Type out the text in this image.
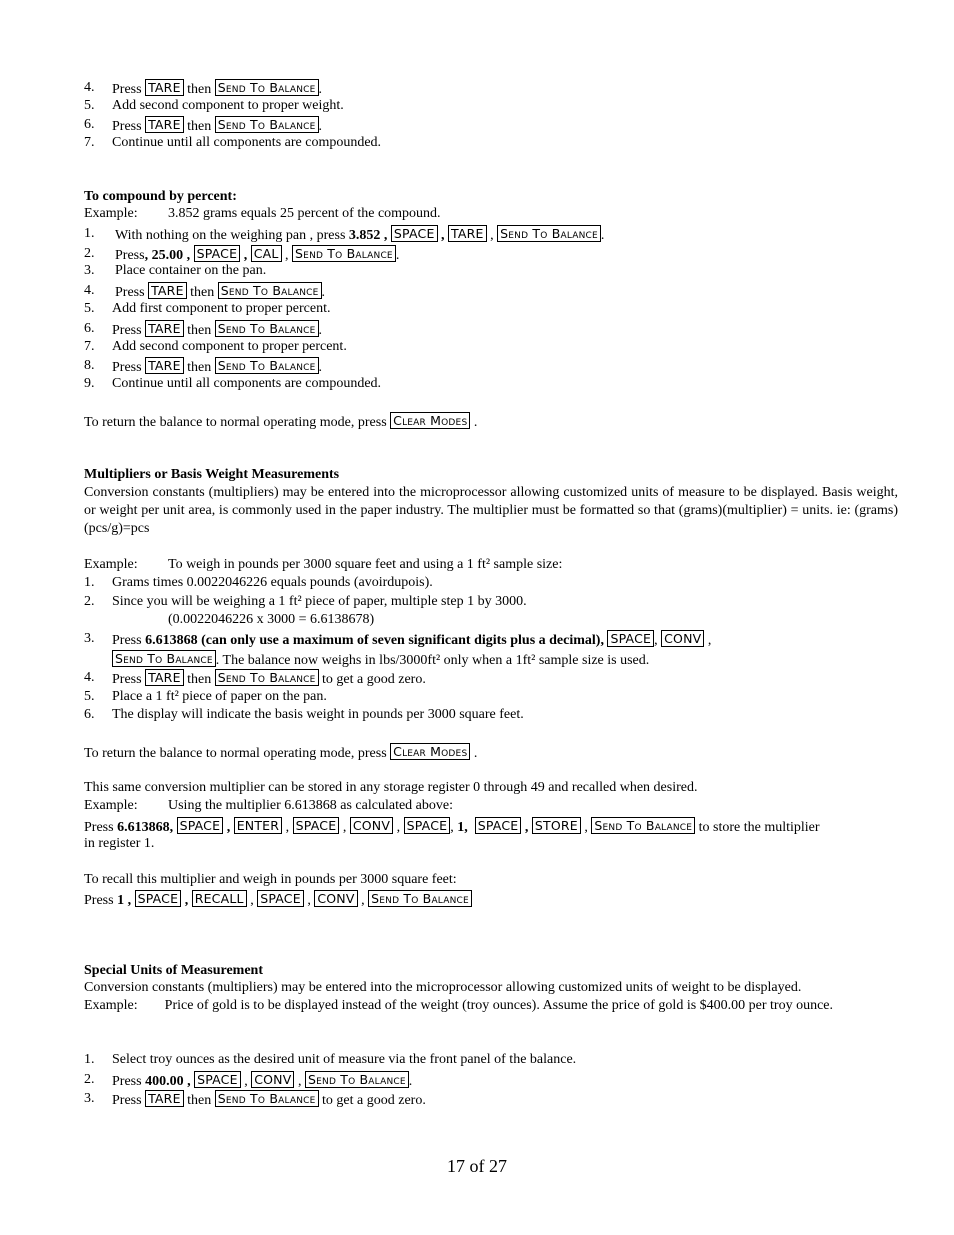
4. Press TARE then Send To Balance .
5. Add second component to proper weight.
6. Press TARE then Send To Balance .
7. Continue until all components are compounded.
To compound by percent:
Example: 3.852 grams equals 25 percent of the compound.
1. With nothing on the weighing pan , press 3.852 , SPACE , TARE , Send To Balance .
2. Press, 25.00 , SPACE , CAL , Send To Balance .
3. Place container on the pan.
4. Press TARE then Send To Balance .
5. Add first component to proper percent.
6. Press TARE then Send To Balance .
7. Add second component to proper percent.
8. Press TARE then Send To Balance .
9. Continue until all components are compounded.
To return the balance to normal operating mode, press Clear Modes .
Multipliers or Basis Weight Measurements
Conversion constants (multipliers) may be entered into the microprocessor allowing customized units of measure to be displayed. Basis weight, or weight per unit area, is commonly used in the paper industry. The multiplier must be formatted so that (grams)(multiplier) = units. ie: (grams)(pcs/g)=pcs
Example: To weigh in pounds per 3000 square feet and using a 1 ft² sample size:
1. Grams times 0.0022046226 equals pounds (avoirdupois).
2. Since you will be weighing a 1 ft² piece of paper, multiple step 1 by 3000.
(0.0022046226 x 3000 = 6.6138678)
3. Press 6.613868 (can only use a maximum of seven significant digits plus a decimal), SPACE , CONV ,
Send To Balance . The balance now weighs in lbs/3000ft² only when a 1ft² sample size is used.
4. Press TARE then Send To Balance to get a good zero.
5. Place a 1 ft² piece of paper on the pan.
6. The display will indicate the basis weight in pounds per 3000 square feet.
To return the balance to normal operating mode, press Clear Modes .
This same conversion multiplier can be stored in any storage register 0 through 49 and recalled when desired.
Example: Using the multiplier 6.613868 as calculated above:
Press 6.613868, SPACE , ENTER , SPACE , CONV , SPACE , 1, SPACE , STORE , Send To Balance to store the multiplier
in register 1.
To recall this multiplier and weigh in pounds per 3000 square feet:
Press 1 , SPACE , RECALL , SPACE , CONV , Send To Balance
Special Units of Measurement
Conversion constants (multipliers) may be entered into the microprocessor allowing customized units of weight to be displayed.
Example: Price of gold is to be displayed instead of the weight (troy ounces). Assume the price of gold is $400.00 per troy ounce.
1. Select troy ounces as the desired unit of measure via the front panel of the balance.
2. Press 400.00 , SPACE , CONV , Send To Balance .
3. Press TARE then Send To Balance to get a good zero.
17 of 27
